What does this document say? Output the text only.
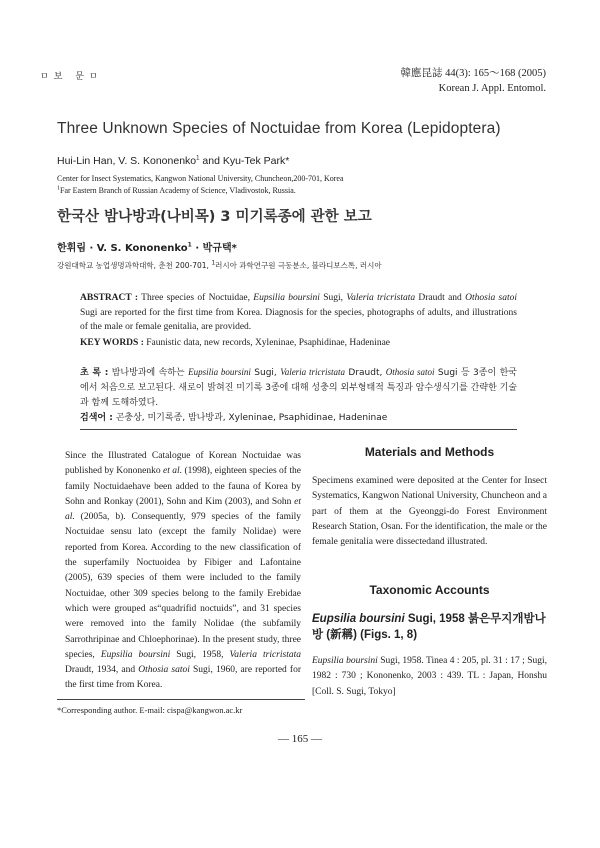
ㅁ보 문ㅁ	韓應昆誌 44(3): 165～168 (2005)
Korean J. Appl. Entomol.
Three Unknown Species of Noctuidae from Korea (Lepidoptera)
Hui-Lin Han, V. S. Kononenko$^1$ and Kyu-Tek Park*
Center for Insect Systematics, Kangwon National University, Chuncheon,200-701, Korea
$^1$Far Eastern Branch of Russian Academy of Science, Vladivostok, Russia.
한국산 밤나방과(나비목) 3 미기록종에 관한 보고
한휘림 · V. S. Kononenko$^1$ · 박규택*
강원대학교 농업생명과학대학, 춘천 200-701, $^1$러시아 과학연구원 극동분소, 블라디보스톡, 러시아
ABSTRACT : Three species of Noctuidae, Eupsilia boursini Sugi, Valeria tricristata Draudt and Othosia satoi Sugi are reported for the first time from Korea. Diagnosis for the species, photographs of adults, and illustrations of the male or female genitalia, are provided.
KEY WORDS : Faunistic data, new records, Xyleninae, Psaphidinae, Hadeninae
초 록 : 밤나방과에 속하는 Eupsilia boursini Sugi, Valeria tricristata Draudt, Othosia satoi Sugi 등 3종이 한국에서 처음으로 보고된다. 새로이 밝혀진 미기록 3종에 대해 성충의 외부형태적 특징과 암수생식기를 간략한 기술과 함께 도해하였다.
검색어 : 곤충상, 미기록종, 밤나방과, Xyleninae, Psaphidinae, Hadeninae
Since the Illustrated Catalogue of Korean Noctuidae was published by Kononenko et al. (1998), eighteen species of the family Noctuidaehave been added to the fauna of Korea by Sohn and Ronkay (2001), Sohn and Kim (2003), and Sohn et al. (2005a, b). Consequently, 979 species of the family Noctuidae sensu lato (except the family Nolidae) were reported from Korea. According to the new classification of the superfamily Noctuoidea by Fibiger and Lafontaine (2005), 639 species of them were included to the family Noctuidae, other 309 species belong to the family Erebidae which were grouped as“quadrifid noctuids”, and 31 species were removed into the family Nolidae (the subfamily Sarrothripinae and Chloephorinae). In the present study, three species, Eupsilia boursini Sugi, 1958, Valeria tricristata Draudt, 1934, and Othosia satoi Sugi, 1960, are reported for the first time from Korea.
Materials and Methods
Specimens examined were deposited at the Center for Insect Systematics, Kangwon National University, Chuncheon and a part of them at the Gyeonggi-do Forest Environment Research Station, Osan. For the identification, the male or the female genitalia were dissectedand illustrated.
Taxonomic Accounts
Eupsilia boursini Sugi, 1958 붉은무지개밤나방 (新稱) (Figs. 1, 8)
Eupsilia boursini Sugi, 1958. Tinea 4 : 205, pl. 31 : 17 ; Sugi, 1982 : 730 ; Kononenko, 2003 : 439. TL : Japan, Honshu [Coll. S. Sugi, Tokyo]
*Corresponding author. E-mail: cispa@kangwon.ac.kr
— 165 —
